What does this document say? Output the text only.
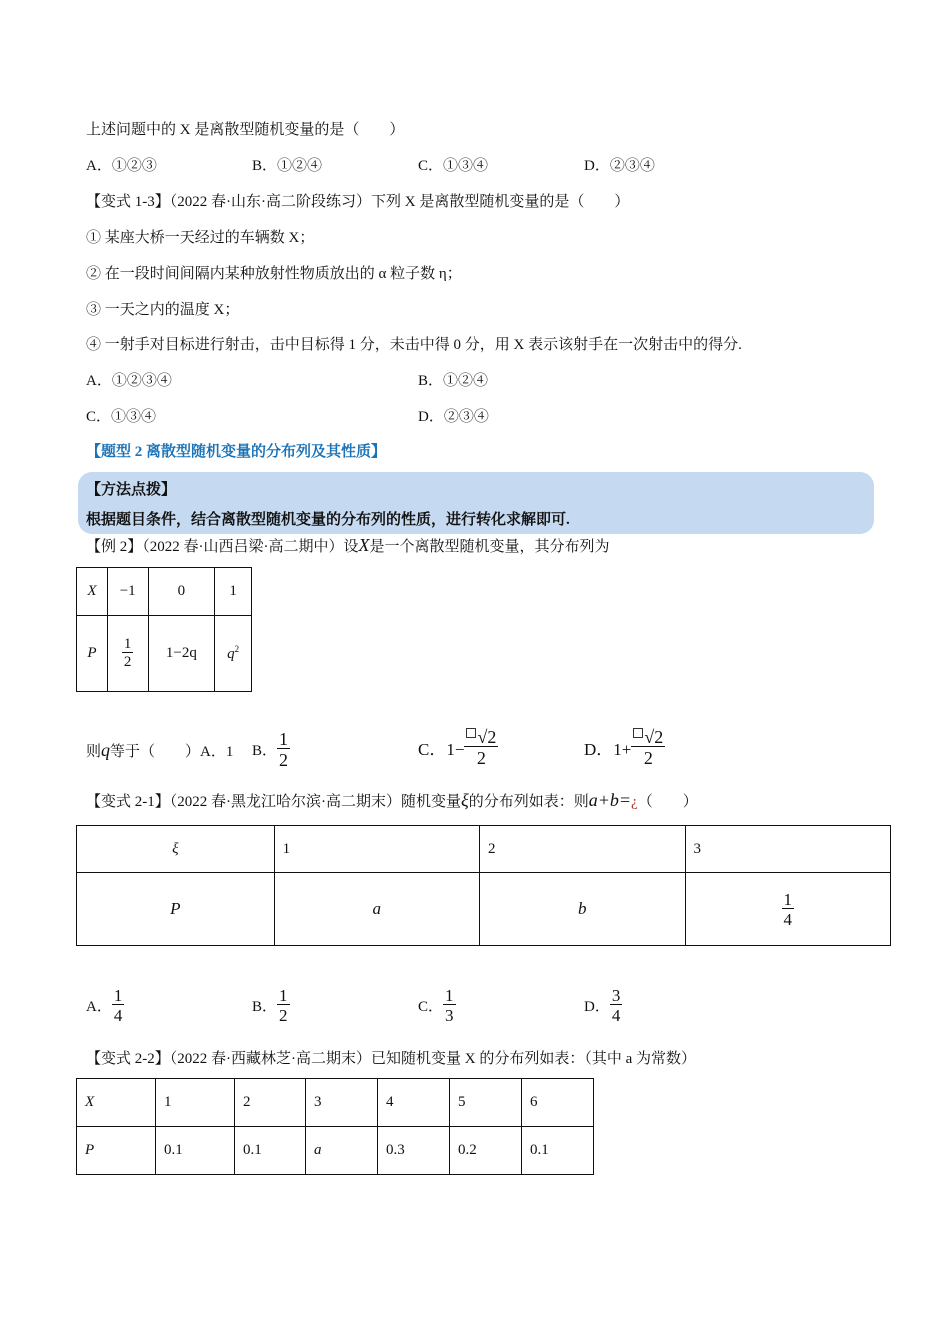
上述问题中的 X 是离散型随机变量的是（　　）
A．①②③	B．①②④	C．①③④	D．②③④
【变式 1-3】（2022 春·山东·高二阶段练习）下列 X 是离散型随机变量的是（　　）
① 某座大桥一天经过的车辆数 X；
② 在一段时间间隔内某种放射性物质放出的 α 粒子数 η；
③ 一天之内的温度 X；
④ 一射手对目标进行射击，击中目标得 1 分，未击中得 0 分，用 X 表示该射手在一次射击中的得分.
A．①②③④	B．①②④
C．①③④	D．②③④
【题型 2 离散型随机变量的分布列及其性质】
【方法点拨】
根据题目条件，结合离散型随机变量的分布列的性质，进行转化求解即可.
【例 2】（2022 春·山西吕梁·高二期中）设X是一个离散型随机变量，其分布列为
X	−1	0	1
P	$\frac{1}{2}$	1−2q	$q^2$
则q等于（　　）A．1 B． $\frac{1}{2}$	C．$1- \frac{√2}{2}$	D．$1+ \frac{√2}{2}$
【变式 2-1】（2022 春·黑龙江哈尔滨·高二期末）随机变量ξ的分布列如表：则a+b=¿（　　）
ξ	1	2	3
P	a	b	$\frac{1}{4}$
A． $\frac{1}{4}$	B． $\frac{1}{2}$	C． $\frac{1}{3}$	D． $\frac{3}{4}$
【变式 2-2】（2022 春·西藏林芝·高二期末）已知随机变量 X 的分布列如表：（其中 a 为常数）
X	1	2	3	4	5	6
P	0.1	0.1	a	0.3	0.2	0.1
